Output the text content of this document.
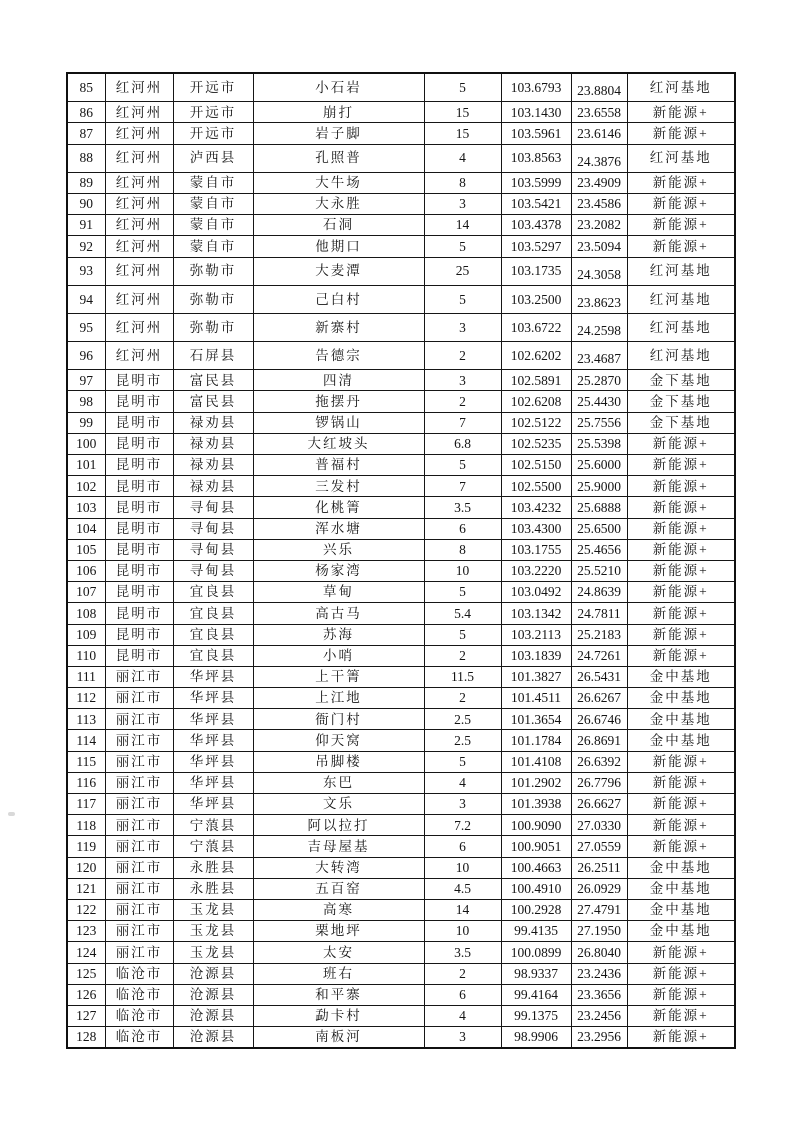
85	红河州	开远市	小石岩	5	103.6793	23.8804	红河基地
86	红河州	开远市	崩打	15	103.1430	23.6558	新能源+
87	红河州	开远市	岩子脚	15	103.5961	23.6146	新能源+
88	红河州	泸西县	孔照普	4	103.8563	24.3876	红河基地
89	红河州	蒙自市	大牛场	8	103.5999	23.4909	新能源+
90	红河州	蒙自市	大永胜	3	103.5421	23.4586	新能源+
91	红河州	蒙自市	石洞	14	103.4378	23.2082	新能源+
92	红河州	蒙自市	他期口	5	103.5297	23.5094	新能源+
93	红河州	弥勒市	大麦潭	25	103.1735	24.3058	红河基地
94	红河州	弥勒市	己白村	5	103.2500	23.8623	红河基地
95	红河州	弥勒市	新寨村	3	103.6722	24.2598	红河基地
96	红河州	石屏县	告德宗	2	102.6202	23.4687	红河基地
97	昆明市	富民县	四清	3	102.5891	25.2870	金下基地
98	昆明市	富民县	拖摆丹	2	102.6208	25.4430	金下基地
99	昆明市	禄劝县	锣锅山	7	102.5122	25.7556	金下基地
100	昆明市	禄劝县	大红坡头	6.8	102.5235	25.5398	新能源+
101	昆明市	禄劝县	普福村	5	102.5150	25.6000	新能源+
102	昆明市	禄劝县	三发村	7	102.5500	25.9000	新能源+
103	昆明市	寻甸县	化桃箐	3.5	103.4232	25.6888	新能源+
104	昆明市	寻甸县	浑水塘	6	103.4300	25.6500	新能源+
105	昆明市	寻甸县	兴乐	8	103.1755	25.4656	新能源+
106	昆明市	寻甸县	杨家湾	10	103.2220	25.5210	新能源+
107	昆明市	宜良县	草甸	5	103.0492	24.8639	新能源+
108	昆明市	宜良县	高古马	5.4	103.1342	24.7811	新能源+
109	昆明市	宜良县	苏海	5	103.2113	25.2183	新能源+
110	昆明市	宜良县	小哨	2	103.1839	24.7261	新能源+
111	丽江市	华坪县	上干箐	11.5	101.3827	26.5431	金中基地
112	丽江市	华坪县	上江地	2	101.4511	26.6267	金中基地
113	丽江市	华坪县	衙门村	2.5	101.3654	26.6746	金中基地
114	丽江市	华坪县	仰天窝	2.5	101.1784	26.8691	金中基地
115	丽江市	华坪县	吊脚楼	5	101.4108	26.6392	新能源+
116	丽江市	华坪县	东巴	4	101.2902	26.7796	新能源+
117	丽江市	华坪县	文乐	3	101.3938	26.6627	新能源+
118	丽江市	宁蒗县	阿以拉打	7.2	100.9090	27.0330	新能源+
119	丽江市	宁蒗县	吉母屋基	6	100.9051	27.0559	新能源+
120	丽江市	永胜县	大转湾	10	100.4663	26.2511	金中基地
121	丽江市	永胜县	五百窑	4.5	100.4910	26.0929	金中基地
122	丽江市	玉龙县	高寒	14	100.2928	27.4791	金中基地
123	丽江市	玉龙县	栗地坪	10	99.4135	27.1950	金中基地
124	丽江市	玉龙县	太安	3.5	100.0899	26.8040	新能源+
125	临沧市	沧源县	班右	2	98.9337	23.2436	新能源+
126	临沧市	沧源县	和平寨	6	99.4164	23.3656	新能源+
127	临沧市	沧源县	勐卡村	4	99.1375	23.2456	新能源+
128	临沧市	沧源县	南板河	3	98.9906	23.2956	新能源+
